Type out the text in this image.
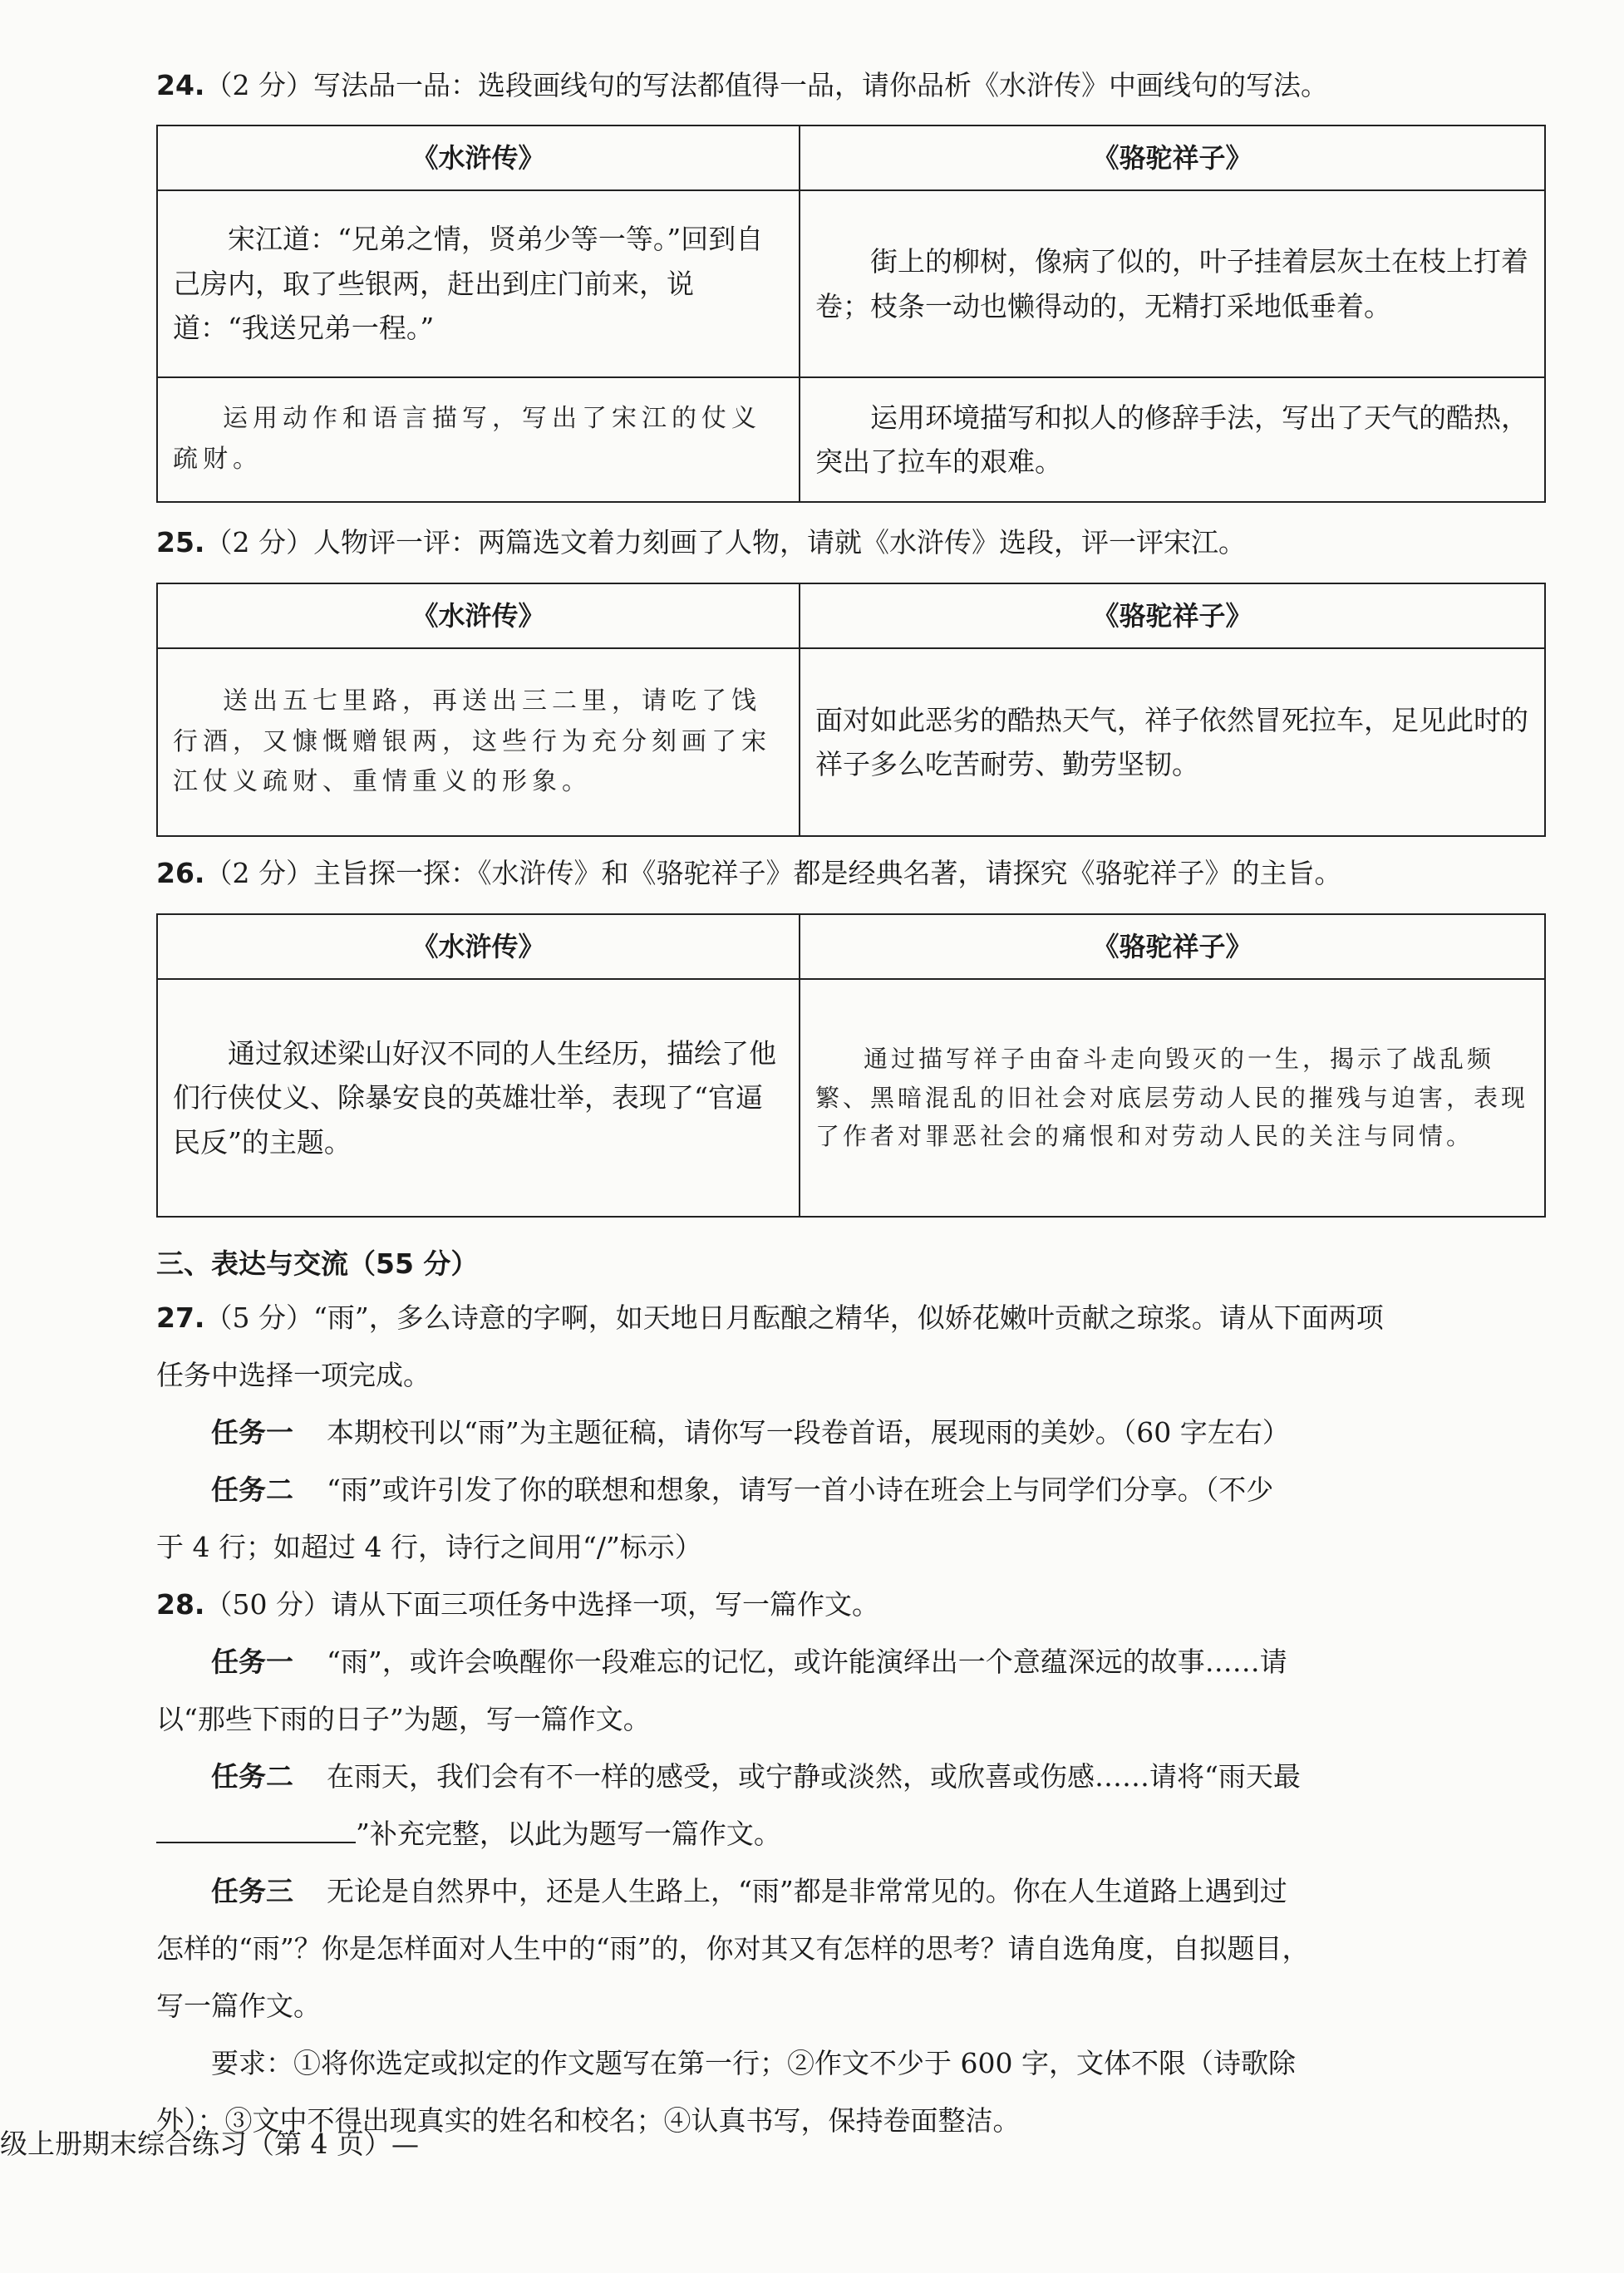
24.（2 分）写法品一品：选段画线句的写法都值得一品，请你品析《水浒传》中画线句的写法。
《水浒传》	《骆驼祥子》
宋江道：“兄弟之情，贤弟少等一等。”回到自己房内，取了些银两，赶出到庄门前来，说道：“我送兄弟一程。”	街上的柳树，像病了似的，叶子挂着层灰土在枝上打着卷；枝条一动也懒得动的，无精打采地低垂着。
运用动作和语言描写，写出了宋江的仗义疏财。	运用环境描写和拟人的修辞手法，写出了天气的酷热，突出了拉车的艰难。
25.（2 分）人物评一评：两篇选文着力刻画了人物，请就《水浒传》选段，评一评宋江。
《水浒传》	《骆驼祥子》
送出五七里路，再送出三二里，请吃了饯行酒，又慷慨赠银两，这些行为充分刻画了宋江仗义疏财、重情重义的形象。	面对如此恶劣的酷热天气，祥子依然冒死拉车，足见此时的祥子多么吃苦耐劳、勤劳坚韧。
26.（2 分）主旨探一探：《水浒传》和《骆驼祥子》都是经典名著，请探究《骆驼祥子》的主旨。
《水浒传》	《骆驼祥子》
通过叙述梁山好汉不同的人生经历，描绘了他们行侠仗义、除暴安良的英雄壮举，表现了“官逼民反”的主题。	通过描写祥子由奋斗走向毁灭的一生，揭示了战乱频繁、黑暗混乱的旧社会对底层劳动人民的摧残与迫害，表现了作者对罪恶社会的痛恨和对劳动人民的关注与同情。
三、表达与交流（55 分）

27.（5 分）“雨”，多么诗意的字啊，如天地日月酝酿之精华，似娇花嫩叶贡献之琼浆。请从下面两项

任务中选择一项完成。

任务一 本期校刊以“雨”为主题征稿，请你写一段卷首语，展现雨的美妙。（60 字左右）

任务二 “雨”或许引发了你的联想和想象，请写一首小诗在班会上与同学们分享。（不少

于 4 行；如超过 4 行，诗行之间用“/”标示）

28.（50 分）请从下面三项任务中选择一项，写一篇作文。

任务一 “雨”，或许会唤醒你一段难忘的记忆，或许能演绎出一个意蕴深远的故事……请

以“那些下雨的日子”为题，写一篇作文。

任务二 在雨天，我们会有不一样的感受，或宁静或淡然，或欣喜或伤感……请将“雨天最

”补充完整，以此为题写一篇作文。

任务三 无论是自然界中，还是人生路上，“雨”都是非常常见的。你在人生道路上遇到过

怎样的“雨”？你是怎样面对人生中的“雨”的，你对其又有怎样的思考？请自选角度，自拟题目，

写一篇作文。

要求：①将你选定或拟定的作文题写在第一行；②作文不少于 600 字，文体不限（诗歌除

外）；③文中不得出现真实的姓名和校名；④认真书写，保持卷面整洁。

级上册期末综合练习（第 4 页）—
